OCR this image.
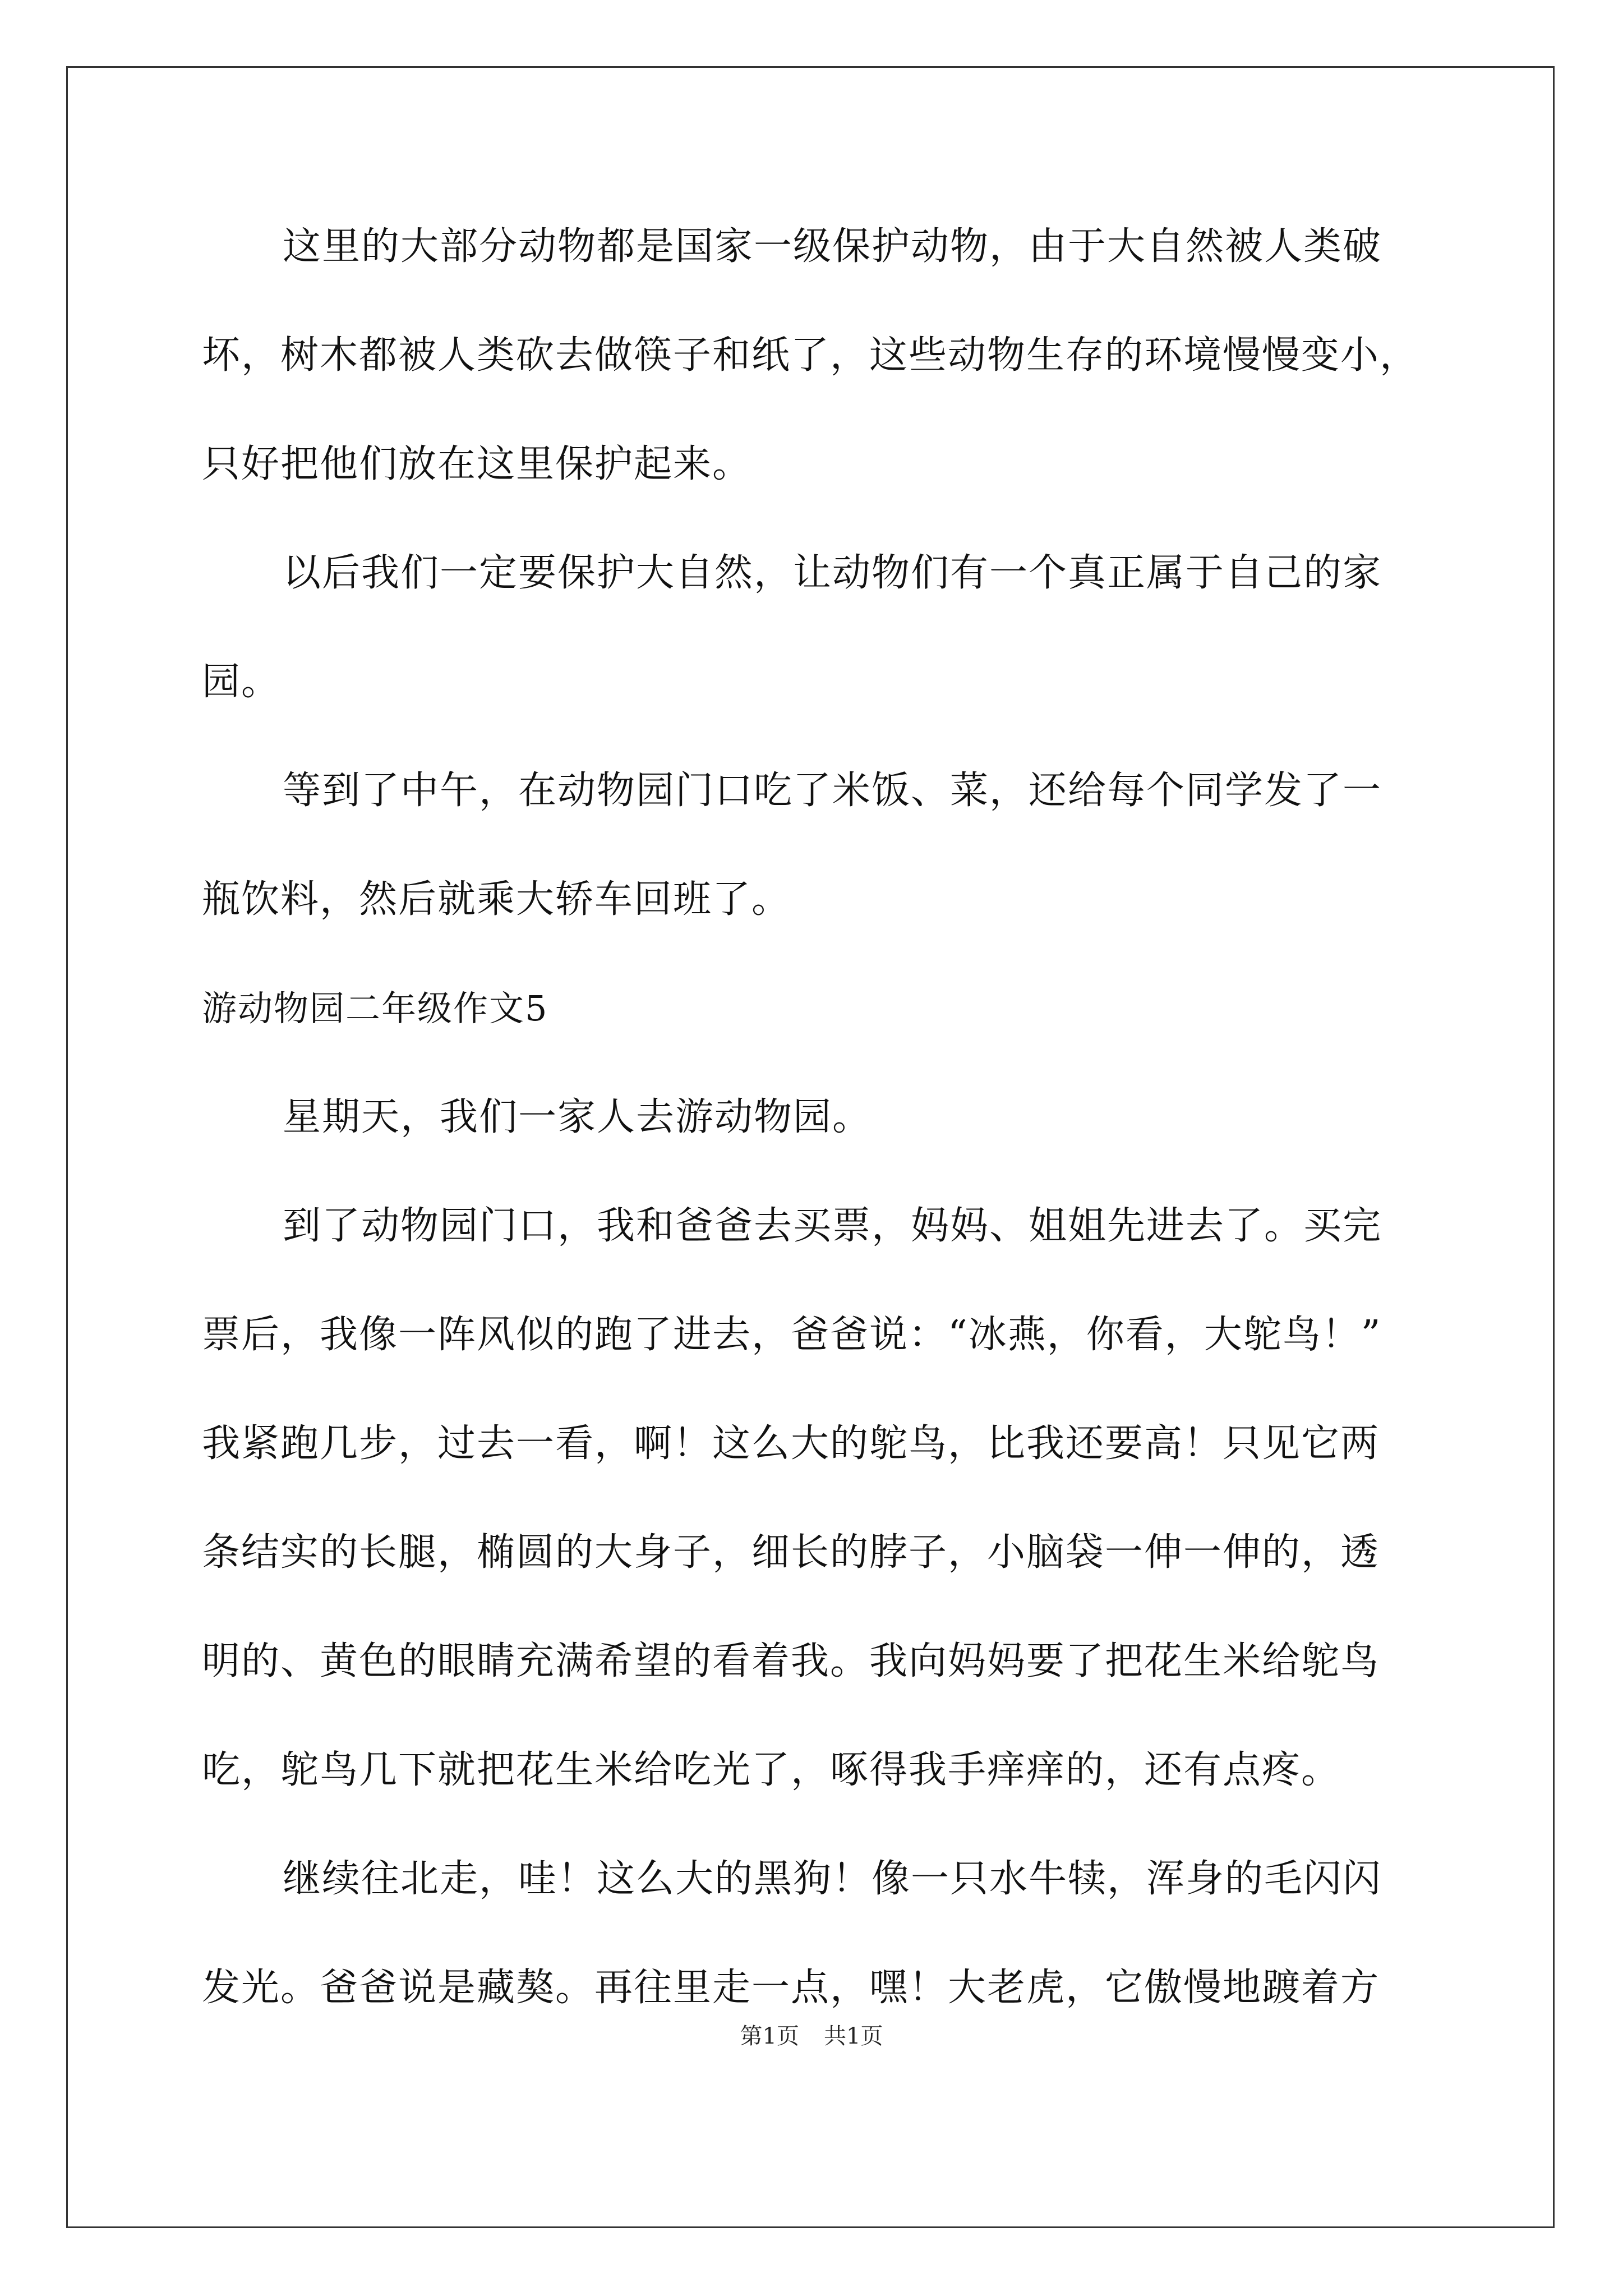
这里的大部分动物都是国家一级保护动物，由于大自然被人类破
坏，树木都被人类砍去做筷子和纸了，这些动物生存的环境慢慢变小，
只好把他们放在这里保护起来。
以后我们一定要保护大自然，让动物们有一个真正属于自己的家
园。
等到了中午，在动物园门口吃了米饭、菜，还给每个同学发了一
瓶饮料，然后就乘大轿车回班了。
游动物园二年级作文5
星期天，我们一家人去游动物园。
到了动物园门口，我和爸爸去买票，妈妈、姐姐先进去了。买完
票后，我像一阵风似的跑了进去，爸爸说：“冰燕，你看，大鸵鸟！”
我紧跑几步，过去一看，啊！这么大的鸵鸟，比我还要高！只见它两
条结实的长腿，椭圆的大身子，细长的脖子，小脑袋一伸一伸的，透
明的、黄色的眼睛充满希望的看着我。我向妈妈要了把花生米给鸵鸟
吃，鸵鸟几下就把花生米给吃光了，啄得我手痒痒的，还有点疼。
继续往北走，哇！这么大的黑狗！像一只水牛犊，浑身的毛闪闪
发光。爸爸说是藏獒。再往里走一点，嘿！大老虎，它傲慢地踱着方
第1页 共1页
